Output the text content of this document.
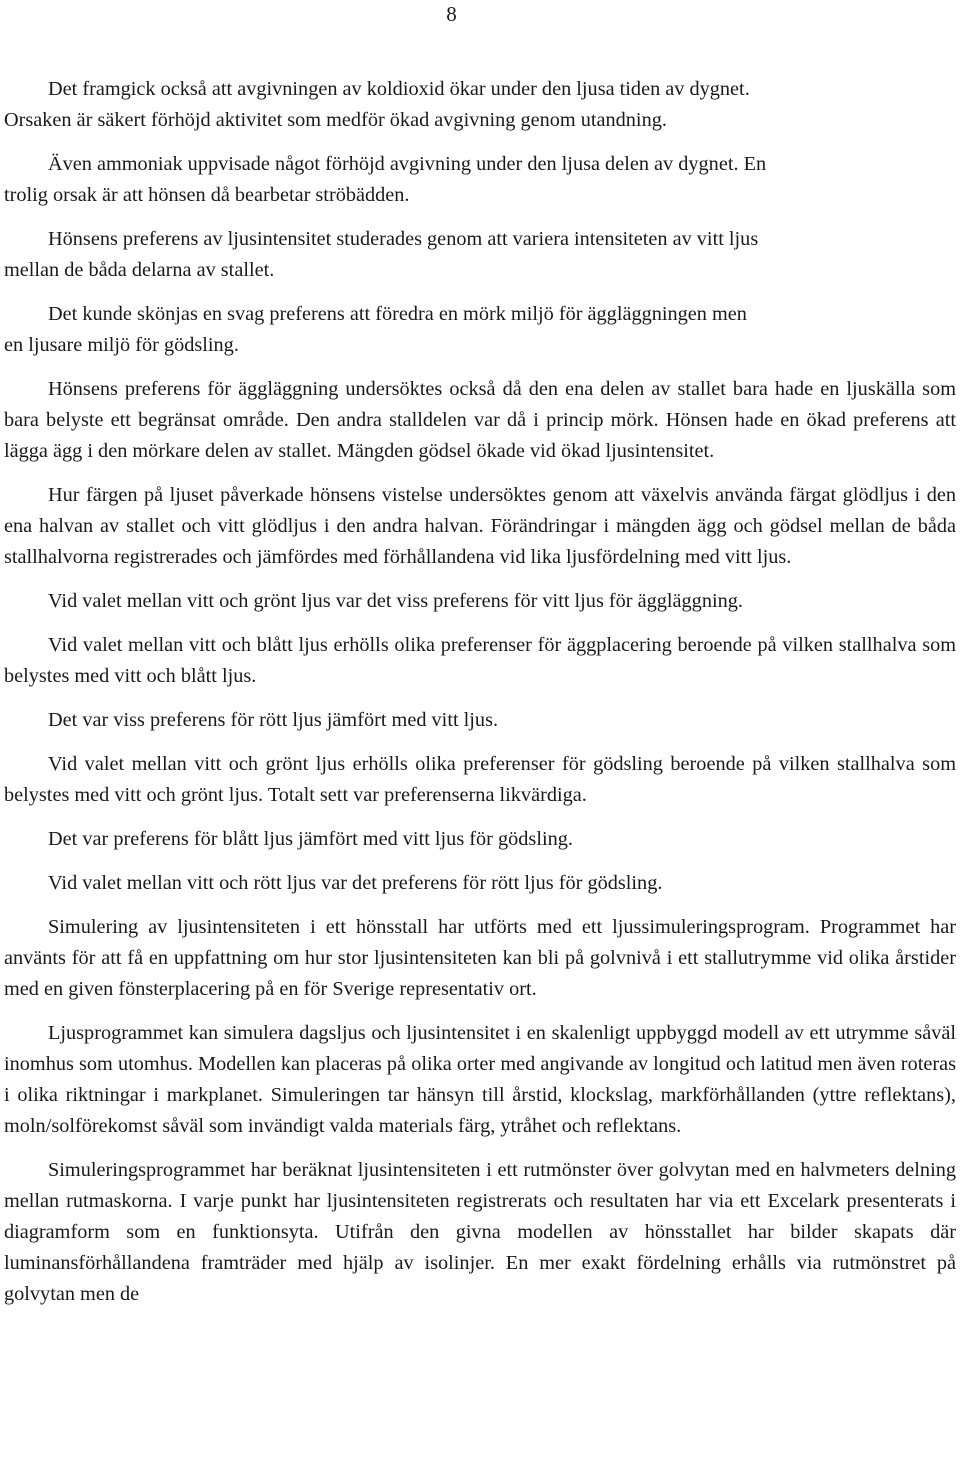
8

Det framgick också att avgivningen av koldioxid ökar under den ljusa tiden av dygnet.
Orsaken är säkert förhöjd aktivitet som medför ökad avgivning genom utandning.

Även ammoniak uppvisade något förhöjd avgivning under den ljusa delen av dygnet. En
trolig orsak är att hönsen då bearbetar ströbädden.

Hönsens preferens av ljusintensitet studerades genom att variera intensiteten av vitt ljus
mellan de båda delarna av stallet.

Det kunde skönjas en svag preferens att föredra en mörk miljö för äggläggningen men
en ljusare miljö för gödsling.

Hönsens preferens för äggläggning undersöktes också då den ena delen av stallet bara hade en ljuskälla som bara belyste ett begränsat område. Den andra stalldelen var då i princip mörk. Hönsen hade en ökad preferens att lägga ägg i den mörkare delen av stallet. Mängden gödsel ökade vid ökad ljusintensitet.

Hur färgen på ljuset påverkade hönsens vistelse undersöktes genom att växelvis använda färgat glödljus i den ena halvan av stallet och vitt glödljus i den andra halvan. Förändringar i mängden ägg och gödsel mellan de båda stallhalvorna registrerades och jämfördes med förhållandena vid lika ljusfördelning med vitt ljus.

Vid valet mellan vitt och grönt ljus var det viss preferens för vitt ljus för äggläggning.

Vid valet mellan vitt och blått ljus erhölls olika preferenser för äggplacering beroende på vilken stallhalva som belystes med vitt och blått ljus.

Det var viss preferens för rött ljus jämfört med vitt ljus.

Vid valet mellan vitt och grönt ljus erhölls olika preferenser för gödsling beroende på vilken stallhalva som belystes med vitt och grönt ljus. Totalt sett var preferenserna likvärdiga.

Det var preferens för blått ljus jämfört med vitt ljus för gödsling.

Vid valet mellan vitt och rött ljus var det preferens för rött ljus för gödsling.

Simulering av ljusintensiteten i ett hönsstall har utförts med ett ljussimuleringsprogram. Programmet har använts för att få en uppfattning om hur stor ljusintensiteten kan bli på golvnivå i ett stallutrymme vid olika årstider med en given fönsterplacering på en för Sverige representativ ort.

Ljusprogrammet kan simulera dagsljus och ljusintensitet i en skalenligt uppbyggd modell av ett utrymme såväl inomhus som utomhus. Modellen kan placeras på olika orter med angivande av longitud och latitud men även roteras i olika riktningar i markplanet. Simuleringen tar hänsyn till årstid, klockslag, markförhållanden (yttre reflektans), moln/solförekomst såväl som invändigt valda materials färg, ytråhet och reflektans.

Simuleringsprogrammet har beräknat ljusintensiteten i ett rutmönster över golvytan med en halvmeters delning mellan rutmaskorna. I varje punkt har ljusintensiteten registrerats och resultaten har via ett Excelark presenterats i diagramform som en funktionsyta. Utifrån den givna modellen av hönsstallet har bilder skapats där luminansförhållandena framträder med hjälp av isolinjer. En mer exakt fördelning erhålls via rutmönstret på golvytan men de
